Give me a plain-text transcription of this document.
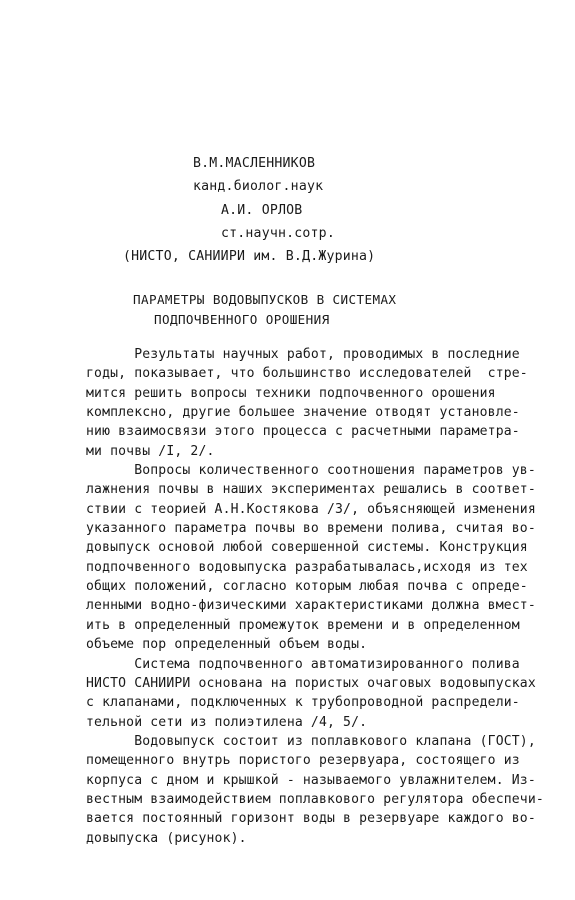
В.М.МАСЛЕННИКОВ
канд.биолог.наук
А.И. ОРЛОВ
ст.научн.сотр.
(НИСТО, САНИИРИ им. В.Д.Журина)
ПАРАМЕТРЫ ВОДОВЫПУСКОВ В СИСТЕМАХ
ПОДПОЧВЕННОГО ОРОШЕНИЯ
Результаты научных работ, проводимых в последние
годы, показывает, что большинство исследователей  стре-
мится решить вопросы техники подпочвенного орошения
комплексно, другие большее значение отводят установле-
нию взаимосвязи этого процесса с расчетными параметра-
ми почвы /I, 2/.
Вопросы количественного соотношения параметров ув-
лажнения почвы в наших экспериментах решались в соответ-
ствии с теорией А.Н.Костякова /3/, объясняющей изменения
указанного параметра почвы во времени полива, считая во-
довыпуск основой любой совершенной системы. Конструкция
подпочвенного водовыпуска разрабатывалась,исходя из тех
общих положений, согласно которым любая почва с опреде-
ленными водно-физическими характеристиками должна вмест-
ить в определенный промежуток времени и в определенном
объеме пор определенный объем воды.
Система подпочвенного автоматизированного полива
НИСТО САНИИРИ основана на пористых очаговых водовыпусках
с клапанами, подключенных к трубопроводной распредели-
тельной сети из полиэтилена /4, 5/.
Водовыпуск состоит из поплавкового клапана (ГОСТ),
помещенного внутрь пористого резервуара, состоящего из
корпуса с дном и крышкой - называемого увлажнителем. Из-
вестным взаимодействием поплавкового регулятора обеспечи-
вается постоянный горизонт воды в резервуаре каждого во-
довыпуска (рисунок).
